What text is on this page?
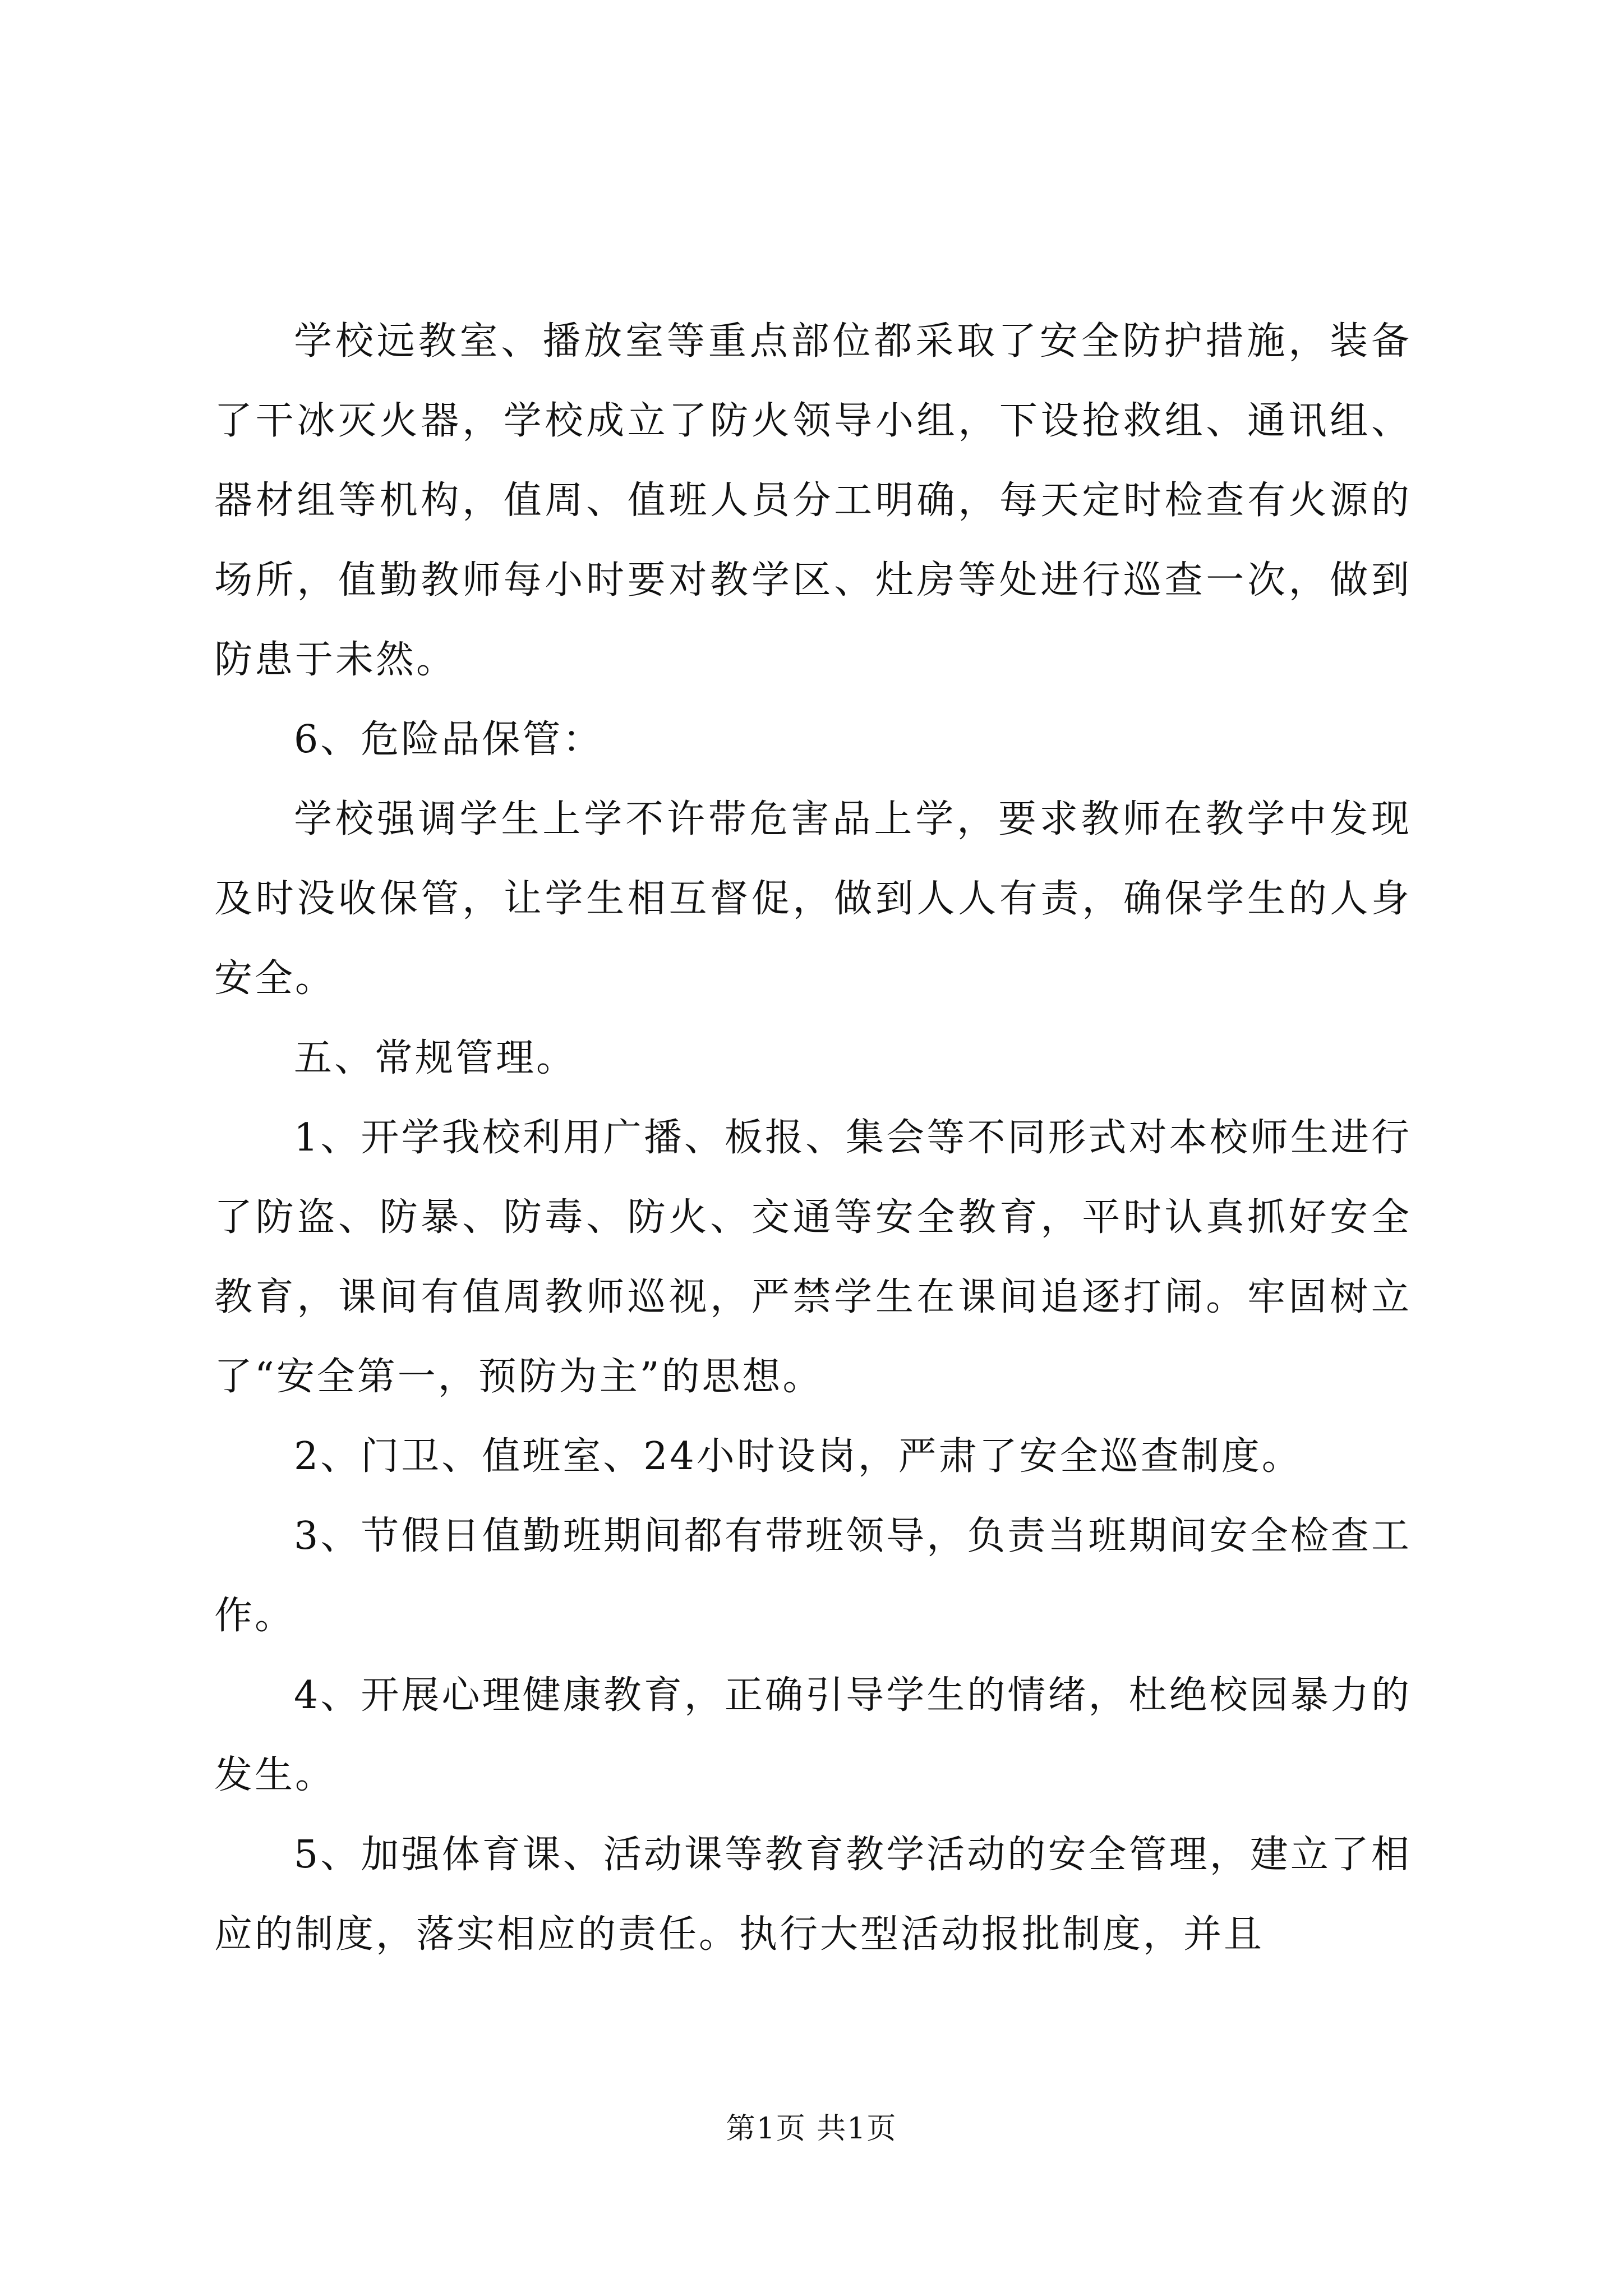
学校远教室、播放室等重点部位都采取了安全防护措施，装备了干冰灭火器，学校成立了防火领导小组，下设抢救组、通讯组、器材组等机构，值周、值班人员分工明确，每天定时检查有火源的场所，值勤教师每小时要对教学区、灶房等处进行巡查一次，做到防患于未然。

6、危险品保管：

学校强调学生上学不许带危害品上学，要求教师在教学中发现及时没收保管，让学生相互督促，做到人人有责，确保学生的人身安全。

五、常规管理。

1、开学我校利用广播、板报、集会等不同形式对本校师生进行了防盗、防暴、防毒、防火、交通等安全教育，平时认真抓好安全教育，课间有值周教师巡视，严禁学生在课间追逐打闹。牢固树立了“安全第一，预防为主”的思想。

2、门卫、值班室、24小时设岗，严肃了安全巡查制度。

3、节假日值勤班期间都有带班领导，负责当班期间安全检查工作。

4、开展心理健康教育，正确引导学生的情绪，杜绝校园暴力的发生。

5、加强体育课、活动课等教育教学活动的安全管理，建立了相应的制度，落实相应的责任。执行大型活动报批制度，并且

第1页 共1页
